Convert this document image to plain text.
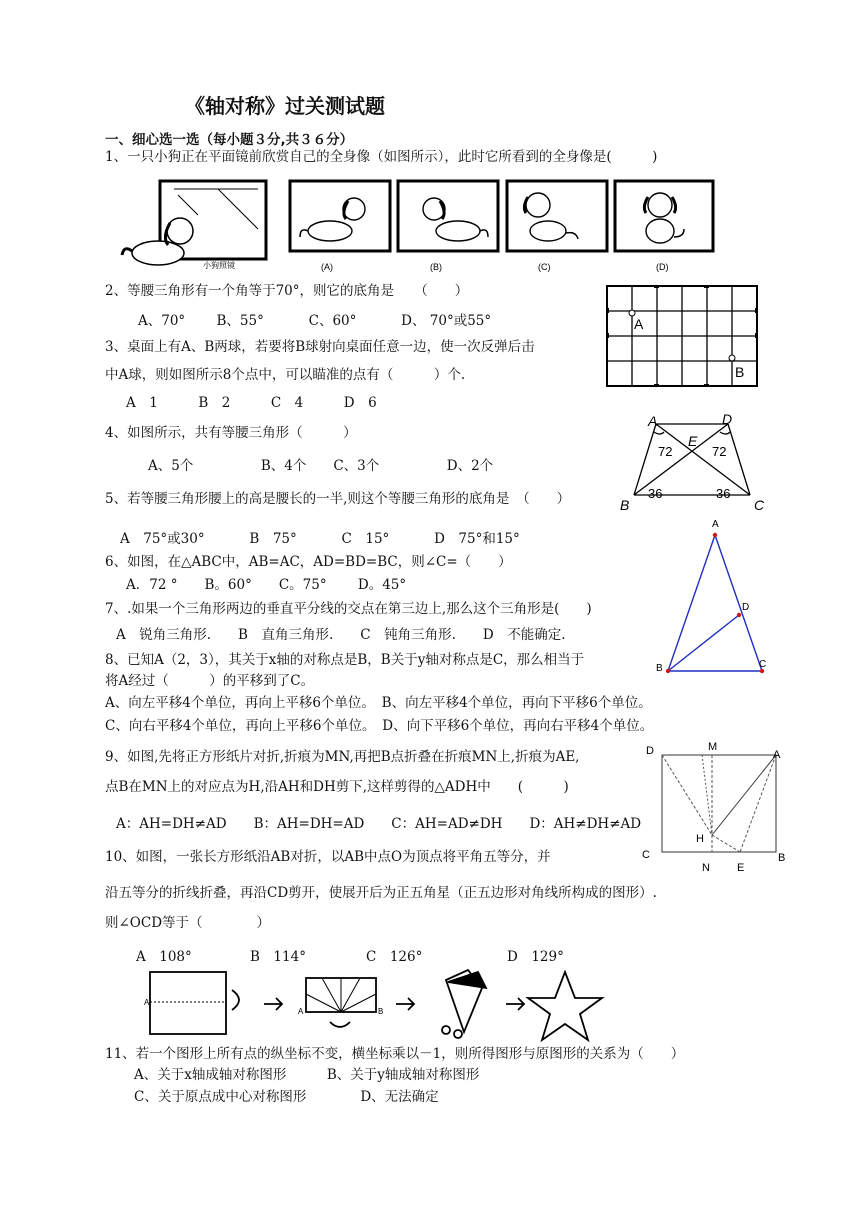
《轴对称》过关测试题
一、细心选一选（每小题３分,共３６分）
1、一只小狗正在平面镜前欣赏自己的全身像（如图所示），此时它所看到的全身像是(　　　)
小狗照镜	(A)	(B)	(C)	(D)
2、等腰三角形有一个角等于70°，则它的底角是　　（　　）
A、70°　　 B、55°　　　 C、60°　　　 D、 70°或55°	A
B
3、桌面上有A、B两球，若要将B球射向桌面任意一边，使一次反弹后击
中A球，则如图所示8个点中，可以瞄准的点有（　　　）个.
A　1　　　B　2　　　C　4　　　D　6
4、如图所示，共有等腰三角形（　　　）
A、5个　　　　　B、4个　　C、3个　　　　　D、2个
A	D
E
B	C
72	72
36	36
5、若等腰三角形腰上的高是腰长的一半,则这个等腰三角形的底角是　（　　）
A　75°或30°　　　 B　75°　　　 C　15°　　　 D　75°和15°
6、如图，在△ABC中，AB=AC，AD=BD=BC，则∠C=（　　）
A．72 °　　B。60°　　C。75°　　 D。45°
A
D
B	C
7、.如果一个三角形两边的垂直平分线的交点在第三边上,那么这个三角形是(　　)
A　锐角三角形.　　B　直角三角形.　　C　钝角三角形.　　D　不能确定.
8、已知A（2，3），其关于x轴的对称点是B，B关于y轴对称点是C，那么相当于
将A经过（　　　）的平移到了C。
A、向左平移4个单位，再向上平移6个单位。　B、向左平移4个单位，再向下平移6个单位。
C、向右平移4个单位，再向上平移6个单位。　D、向下平移6个单位，再向右平移4个单位。
9、如图,先将正方形纸片对折,折痕为MN,再把B点折叠在折痕MN上,折痕为AE,
点B在MN上的对应点为H,沿AH和DH剪下,这样剪得的△ADH中　　(　　　)
A：AH=DH≠AD　　B：AH=DH=AD　　C：AH=AD≠DH　　D：AH≠DH≠AD
D	M
A
C
H
N E
B
10、如图，一张长方形纸沿AB对折，以AB中点O为顶点将平角五等分，并
沿五等分的折线折叠，再沿CD剪开，使展开后为正五角星（正五边形对角线所构成的图形）.
则∠OCD等于（　　　　）
A　108°	B　114°	C　126°	D　129°
A
A	B
11、若一个图形上所有点的纵坐标不变，横坐标乘以－1，则所得图形与原图形的关系为（　　）
A、关于x轴成轴对称图形　　　B、关于y轴成轴对称图形
C、关于原点成中心对称图形　　　　D、无法确定
